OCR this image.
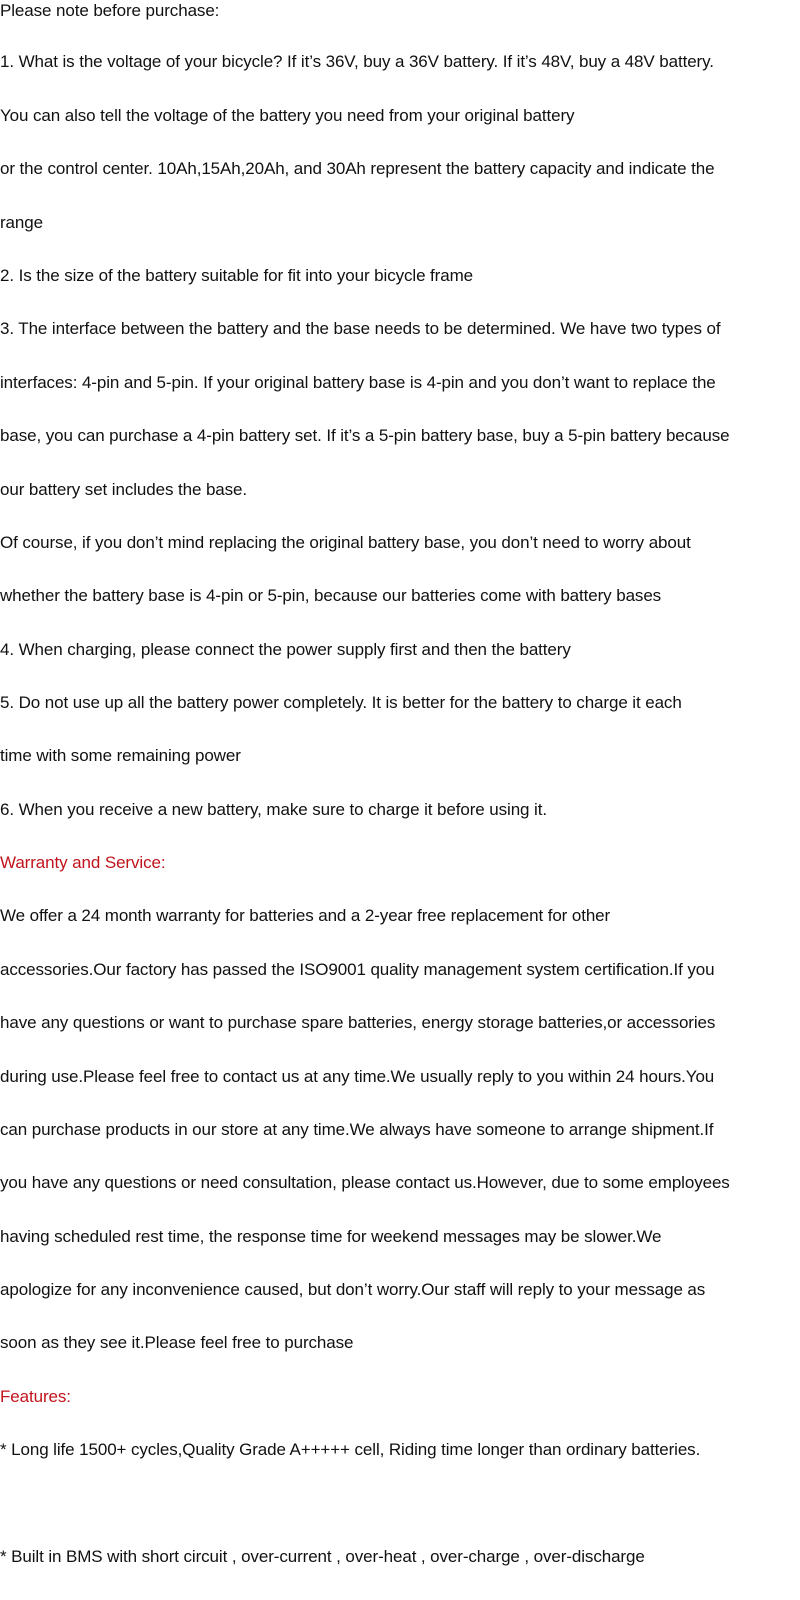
Please note before purchase:

1. What is the voltage of your bicycle? If it’s 36V, buy a 36V battery. If it’s 48V, buy a 48V battery.

You can also tell the voltage of the battery you need from your original battery

or the control center. 10Ah,15Ah,20Ah, and 30Ah represent the battery capacity and indicate the

range

2. Is the size of the battery suitable for fit into your bicycle frame

3. The interface between the battery and the base needs to be determined. We have two types of

interfaces: 4-pin and 5-pin. If your original battery base is 4-pin and you don’t want to replace the

base, you can purchase a 4-pin battery set. If it’s a 5-pin battery base, buy a 5-pin battery because

our battery set includes the base.

Of course, if you don’t mind replacing the original battery base, you don’t need to worry about

whether the battery base is 4-pin or 5-pin, because our batteries come with battery bases

4. When charging, please connect the power supply first and then the battery

5. Do not use up all the battery power completely. It is better for the battery to charge it each

time with some remaining power

6. When you receive a new battery, make sure to charge it before using it.

Warranty and Service:

We offer a 24 month warranty for batteries and a 2-year free replacement for other

accessories.Our factory has passed the ISO9001 quality management system certification.If you

have any questions or want to purchase spare batteries, energy storage batteries,or accessories

during use.Please feel free to contact us at any time.We usually reply to you within 24 hours.You

can purchase products in our store at any time.We always have someone to arrange shipment.If

you have any questions or need consultation, please contact us.However, due to some employees

having scheduled rest time, the response time for weekend messages may be slower.We

apologize for any inconvenience caused, but don’t worry.Our staff will reply to your message as

soon as they see it.Please feel free to purchase

Features:

* Long life 1500+ cycles,Quality Grade A+++++ cell, Riding time longer than ordinary batteries.

* Built in BMS with short circuit , over-current , over-heat , over-charge , over-discharge
